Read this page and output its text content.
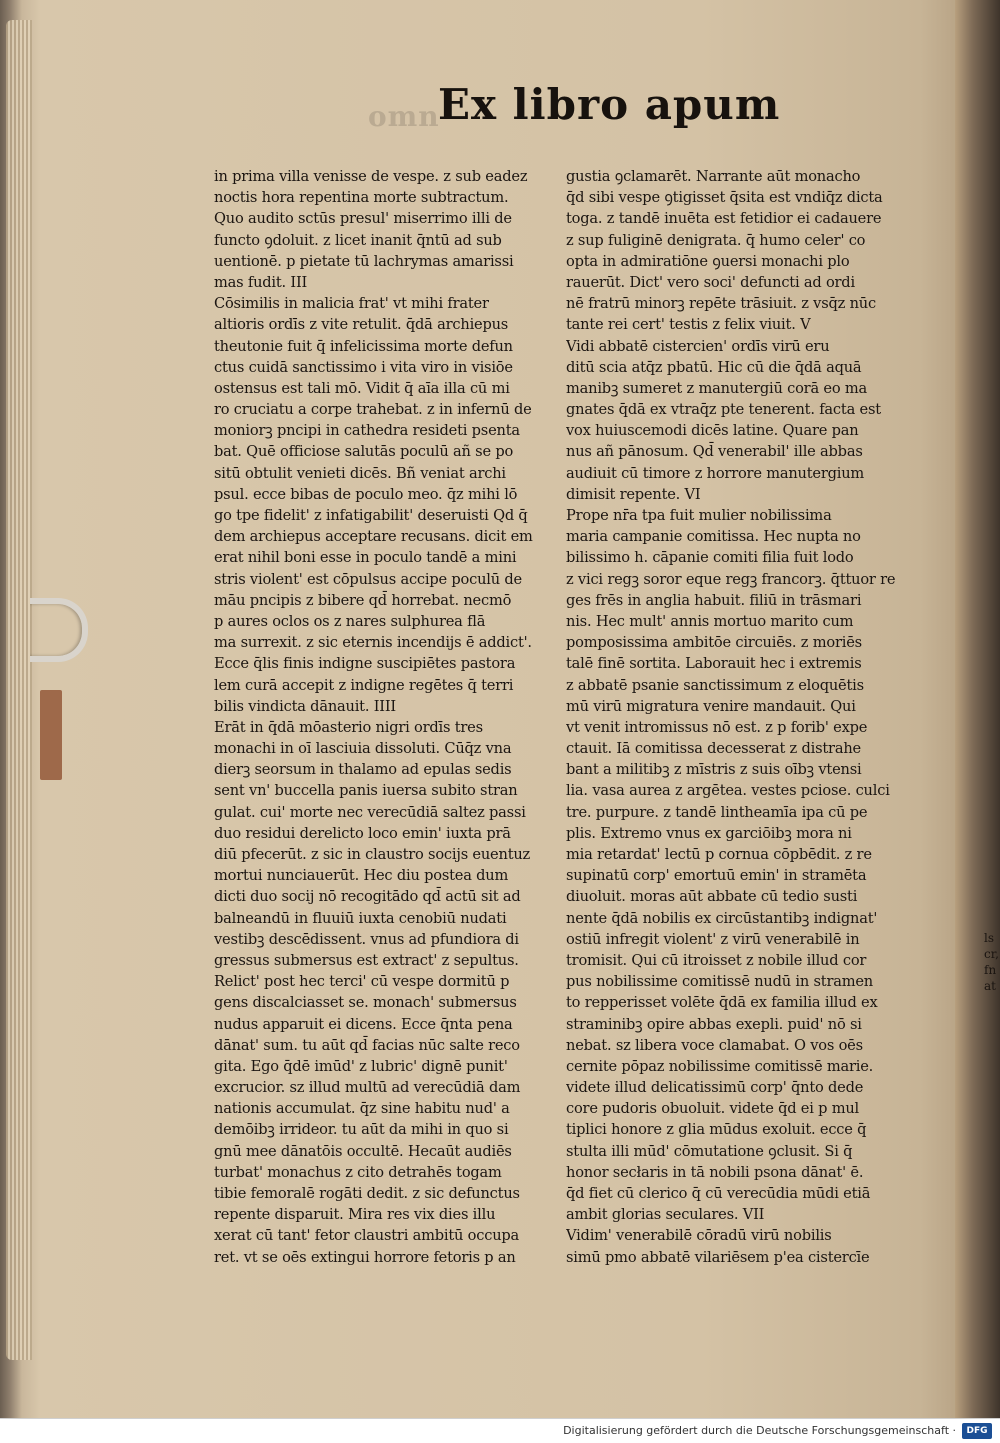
lscr,fnat
omn
Ex libro apum
in prima villa venisse de vespe. z sub eadez
noctis hora repentina morte subtractum.
Quo audito sctūs presul' miserrimo illi de
functo ꝯdoluit. z licet inanit q̄ntū ad sub
uentionē. p pietate tū lachrymas amarissi
mas fudit. III
Cōsimilis in malicia frat' vt mihi frater
altioris ordīs z vite retulit. q̄dā archiepus
theutonie fuit q̄ infelicissima morte defun
ctus cuidā sanctissimo i vita viro in visiōe
ostensus est tali mō. Vidit q̄ aīa illa cū mi
ro cruciatu a corpe trahebat. z in infernū de
moniorꝫ pncipi in cathedra resideti psenta
bat. Quē officiose salutās poculū añ se po
sitū obtulit venieti dicēs. Bñ veniat archi
psul. ecce bibas de poculo meo. q̄z mihi lō
go tpe fidelit' z infatigabilit' deseruisti Qd q̄
dem archiepus acceptare recusans. dicit em
erat nihil boni esse in poculo tandē a mini
stris violent' est cōpulsus accipe poculū de
māu pncipis z bibere qd̄ horrebat. necmō
p aures oclos os z nares sulphurea flā
ma surrexit. z sic eternis incendijs ē addict'.
Ecce q̄lis finis indigne suscipiētes pastora
lem curā accepit z indigne regētes q̄ terri
bilis vindicta dānauit. IIII
Erāt in q̄dā mōasterio nigri ordīs tres
monachi in oī lasciuia dissoluti. Cūq̄z vna
dierꝫ seorsum in thalamo ad epulas sedis
sent vn' buccella panis iuersa subito stran
gulat. cui' morte nec verecūdiā saltez passi
duo residui derelicto loco emin' iuxta prā
diū pfecerūt. z sic in claustro socijs euentuz
mortui nunciauerūt. Hec diu postea dum
dicti duo socij nō recogitādo qd̄ actū sit ad
balneandū in fluuiū iuxta cenobiū nudati
vestibꝫ descēdissent. vnus ad pfundiora di
gressus submersus est extract' z sepultus.
Relict' post hec terci' cū vespe dormitū p
gens discalciasset se. monach' submersus
nudus apparuit ei dicens. Ecce q̄nta pena
dānat' sum. tu aūt qd̄ facias nūc salte reco
gita. Ego q̄dē imūd' z lubric' dignē punit'
excrucior. sz illud multū ad verecūdiā dam
nationis accumulat. q̄z sine habitu nud' a
demōibꝫ irrideor. tu aūt da mihi in quo si
gnū mee dānatōis occultē. Hecaūt audiēs
turbat' monachus z cito detrahēs togam
tibie femoralē rogāti dedit. z sic defunctus
repente disparuit. Mira res vix dies illu
xerat cū tant' fetor claustri ambitū occupa
ret. vt se oēs extingui horrore fetoris p an
gustia ꝯclamarēt. Narrante aūt monacho
q̄d sibi vespe ꝯtigisset q̄sita est vndiq̄z dicta
toga. z tandē inuēta est fetidior ei cadauere
z sup fuliginē denigrata. q̄ humo celer' co
opta in admiratiōne ꝯuersi monachi plo
rauerūt. Dict' vero soci' defuncti ad ordi
nē fratrū minorꝫ repēte trāsiuit. z vsq̄z nūc
tante rei cert' testis z felix viuit. V
Vidi abbatē cistercien' ordīs virū eru
ditū scia atq̄z pbatū. Hic cū die q̄dā aquā
manibꝫ sumeret z manutergiū corā eo ma
gnates q̄dā ex vtraq̄z pte tenerent. facta est
vox huiuscemodi dicēs latine. Quare pan
nus añ pānosum. Qd̄ venerabil' ille abbas
audiuit cū timore z horrore manutergium
dimisit repente. VI
Prope nr̄a tpa fuit mulier nobilissima
maria campanie comitissa. Hec nupta no
bilissimo h. cāpanie comiti filia fuit lodo
z vici regꝫ soror eque regꝫ francorꝫ. q̄ttuor re
ges frēs in anglia habuit. filiū in trāsmari
nis. Hec mult' annis mortuo marito cum
pomposissima ambitōe circuiēs. z moriēs
talē finē sortita. Laborauit hec i extremis
z abbatē psanie sanctissimum z eloquētis
mū virū migratura venire mandauit. Qui
vt venit intromissus nō est. z p forib' expe
ctauit. Iā comitissa decesserat z distrahe
bant a militibꝫ z mīstris z suis oībꝫ vtensi
lia. vasa aurea z argētea. vestes pciose. culci
tre. purpure. z tandē lintheamīa ipa cū pe
plis. Extremo vnus ex garciōibꝫ mora ni
mia retardat' lectū p cornua cōpbēdit. z re
supinatū corp' emortuū emin' in stramēta
diuoluit. moras aūt abbate cū tedio susti
nente q̄dā nobilis ex circūstantibꝫ indignat'
ostiū infregit violent' z virū venerabilē in
tromisit. Qui cū itroisset z nobile illud cor
pus nobilissime comitissē nudū in stramen
to repperisset volēte q̄dā ex familia illud ex
straminibꝫ opire abbas exepli. puid' nō si
nebat. sz libera voce clamabat. O vos oēs
cernite pōpaz nobilissime comitissē marie.
videte illud delicatissimū corp' q̄nto dede
core pudoris obuoluit. videte q̄d ei p mul
tiplici honore z glia mūdus exoluit. ecce q̄
stulta illi mūd' cōmutatione ꝯclusit. Si q̄
honor secłaris in tā nobili psona dānat' ē.
q̄d fiet cū clerico q̄ cū verecūdia mūdi etiā
ambit glorias seculares. VII
Vidim' venerabilē cōradū virū nobilis
simū pmo abbatē vilariēsem p'ea cistercīe
Digitalisierung gefördert durch die Deutsche Forschungsgemeinschaft ·	DFG
